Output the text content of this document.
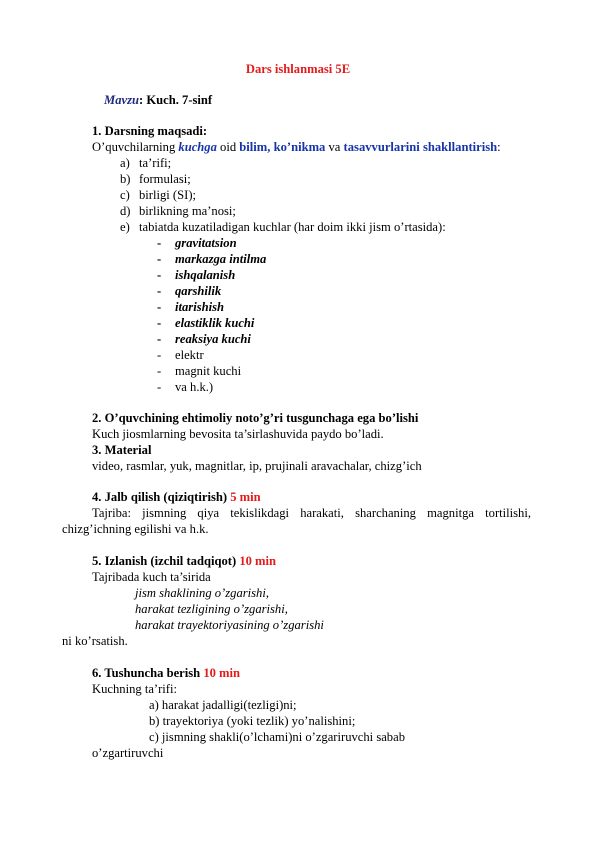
Dars ishlanmasi 5E
Mavzu: Kuch. 7-sinf
1. Darsning maqsadi:
O’quvchilarning kuchga oid bilim, ko’nikma va tasavvurlarini shakllantirish:
a) ta’rifi;
b) formulasi;
c) birligi (SI);
d) birlikning ma’nosi;
e) tabiatda kuzatiladigan kuchlar (har doim ikki jism o’rtasida):
- gravitatsion
- markazga intilma
- ishqalanish
- qarshilik
- itarishish
- elastiklik kuchi
- reaksiya kuchi
- elektr
- magnit kuchi
- va h.k.)
2. O’quvchining ehtimoliy noto’g’ri tusgunchaga ega bo’lishi
Kuch jiosmlarning bevosita ta’sirlashuvida paydo bo’ladi.
3. Material
video, rasmlar, yuk, magnitlar, ip, prujinali aravachalar, chizg’ich
4. Jalb qilish (qiziqtirish) 5 min
Tajriba: jismning qiya tekislikdagi harakati, sharchaning magnitga tortilishi,
chizg’ichning egilishi va h.k.
5. Izlanish (izchil tadqiqot) 10 min
Tajribada kuch ta’sirida
jism shaklining o’zgarishi,
harakat tezligining o’zgarishi,
harakat trayektoriyasining o’zgarishi
ni ko’rsatish.
6. Tushuncha berish 10 min
Kuchning ta’rifi:
a) harakat jadalligi(tezligi)ni;
b) trayektoriya (yoki tezlik) yo’nalishini;
c) jismning shakli(o’lchami)ni o’zgariruvchi sabab
o’zgartiruvchi
